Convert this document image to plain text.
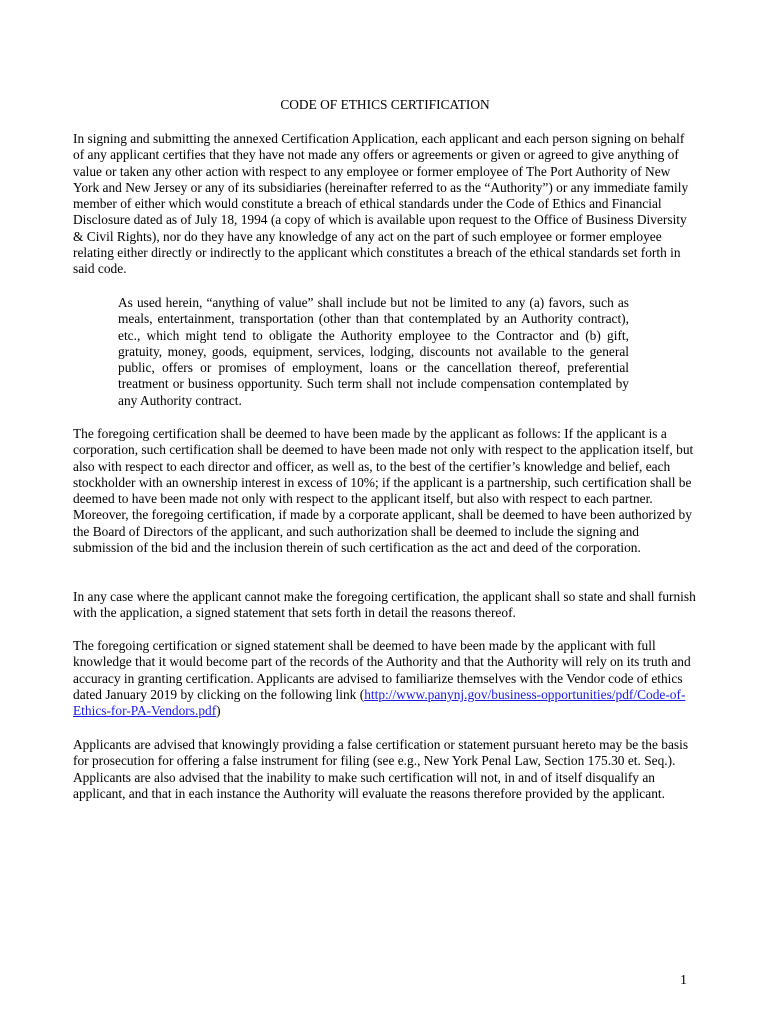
CODE OF ETHICS CERTIFICATION

In signing and submitting the annexed Certification Application, each applicant and each person signing on behalf of any applicant certifies that they have not made any offers or agreements or given or agreed to give anything of value or taken any other action with respect to any employee or former employee of The Port Authority of New York and New Jersey or any of its subsidiaries (hereinafter referred to as the “Authority”) or any immediate family member of either which would constitute a breach of ethical standards under the Code of Ethics and Financial Disclosure dated as of July 18, 1994 (a copy of which is available upon request to the Office of Business Diversity & Civil Rights), nor do they have any knowledge of any act on the part of such employee or former employee relating either directly or indirectly to the applicant which constitutes a breach of the ethical standards set forth in said code.

As used herein, “anything of value” shall include but not be limited to any (a) favors, such as meals, entertainment, transportation (other than that contemplated by an Authority contract), etc., which might tend to obligate the Authority employee to the Contractor and (b) gift, gratuity, money, goods, equipment, services, lodging, discounts not available to the general public, offers or promises of employment, loans or the cancellation thereof, preferential treatment or business opportunity. Such term shall not include compensation contemplated by any Authority contract.

The foregoing certification shall be deemed to have been made by the applicant as follows: If the applicant is a corporation, such certification shall be deemed to have been made not only with respect to the application itself, but also with respect to each director and officer, as well as, to the best of the certifier’s knowledge and belief, each stockholder with an ownership interest in excess of 10%; if the applicant is a partnership, such certification shall be deemed to have been made not only with respect to the applicant itself, but also with respect to each partner. Moreover, the foregoing certification, if made by a corporate applicant, shall be deemed to have been authorized by the Board of Directors of the applicant, and such authorization shall be deemed to include the signing and submission of the bid and the inclusion therein of such certification as the act and deed of the corporation.

In any case where the applicant cannot make the foregoing certification, the applicant shall so state and shall furnish with the application, a signed statement that sets forth in detail the reasons thereof.

The foregoing certification or signed statement shall be deemed to have been made by the applicant with full knowledge that it would become part of the records of the Authority and that the Authority will rely on its truth and accuracy in granting certification. Applicants are advised to familiarize themselves with the Vendor code of ethics dated January 2019 by clicking on the following link (http://www.panynj.gov/business-opportunities/pdf/Code-of-Ethics-for-PA-Vendors.pdf)

Applicants are advised that knowingly providing a false certification or statement pursuant hereto may be the basis for prosecution for offering a false instrument for filing (see e.g., New York Penal Law, Section 175.30 et. Seq.). Applicants are also advised that the inability to make such certification will not, in and of itself disqualify an applicant, and that in each instance the Authority will evaluate the reasons therefore provided by the applicant.

1
